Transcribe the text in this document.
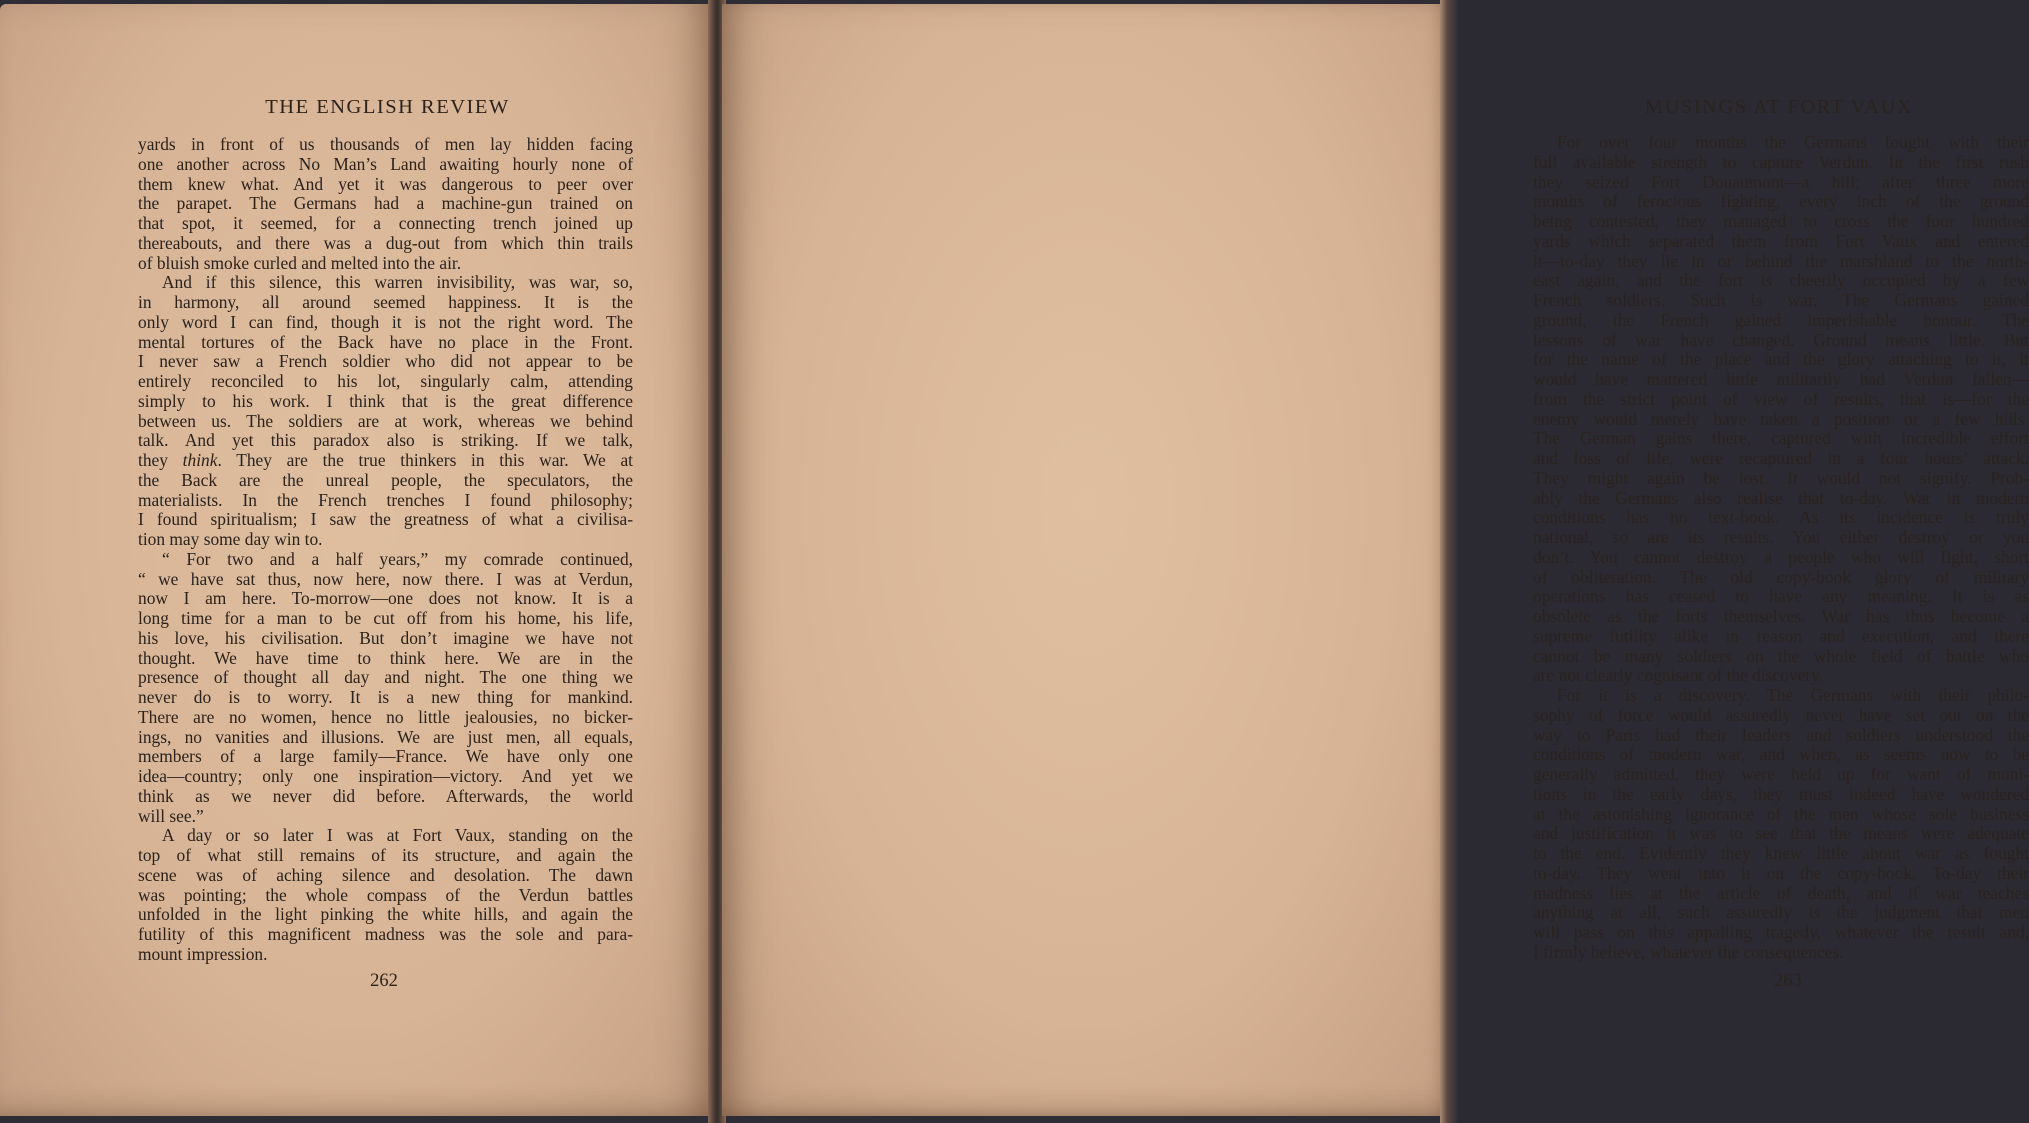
THE ENGLISH REVIEW
yards in front of us thousands of men lay hidden facing
one another across No Man’s Land awaiting hourly none of
them knew what. And yet it was dangerous to peer over
the parapet. The Germans had a machine-gun trained on
that spot, it seemed, for a connecting trench joined up
thereabouts, and there was a dug-out from which thin trails
of bluish smoke curled and melted into the air.
And if this silence, this warren invisibility, was war, so,
in harmony, all around seemed happiness. It is the
only word I can find, though it is not the right word. The
mental tortures of the Back have no place in the Front.
I never saw a French soldier who did not appear to be
entirely reconciled to his lot, singularly calm, attending
simply to his work. I think that is the great difference
between us. The soldiers are at work, whereas we behind
talk. And yet this paradox also is striking. If we talk,
they think. They are the true thinkers in this war. We at
the Back are the unreal people, the speculators, the
materialists. In the French trenches I found philosophy;
I found spiritualism; I saw the greatness of what a civilisa-
tion may some day win to.
“ For two and a half years,” my comrade continued,
“ we have sat thus, now here, now there. I was at Verdun,
now I am here. To-morrow—one does not know. It is a
long time for a man to be cut off from his home, his life,
his love, his civilisation. But don’t imagine we have not
thought. We have time to think here. We are in the
presence of thought all day and night. The one thing we
never do is to worry. It is a new thing for mankind.
There are no women, hence no little jealousies, no bicker-
ings, no vanities and illusions. We are just men, all equals,
members of a large family—France. We have only one
idea—country; only one inspiration—victory. And yet we
think as we never did before. Afterwards, the world
will see.”
A day or so later I was at Fort Vaux, standing on the
top of what still remains of its structure, and again the
scene was of aching silence and desolation. The dawn
was pointing; the whole compass of the Verdun battles
unfolded in the light pinking the white hills, and again the
futility of this magnificent madness was the sole and para-
mount impression.
262
MUSINGS AT FORT VAUX
For over four months the Germans fought with their
full available strength to capture Verdun. In the first rush
they seized Fort Douaumont—a hill; after three more
months of ferocious fighting, every inch of the ground
being contested, they managed to cross the four hundred
yards which separated them from Fort Vaux and entered
it—to-day they lie in or behind the marshland to the north-
east again, and the fort is cheerily occupied by a few
French soldiers. Such is war. The Germans gained
ground, the French gained imperishable honour. The
lessons of war have changed. Ground means little. But
for the name of the place and the glory attaching to it, it
would have mattered little militarily had Verdun fallen—
from the strict point of view of results, that is—for the
enemy would merely have taken a position or a few hills.
The German gains there, captured with incredible effort
and loss of life, were recaptured in a four hours’ attack.
They might again be lost. It would not signify. Prob-
ably the Germans also realise that to-day. War in modern
conditions has no text-book. As its incidence is truly
national, so are its results. You either destroy or you
don’t. You cannot destroy a people who will fight, short
of obliteration. The old copy-book glory of military
operations has ceased to have any meaning. It is as
obsolete as the forts themselves. War has thus become a
supreme futility alike in reason and execution, and there
cannot be many soldiers on the whole field of battle who
are not clearly cognisant of the discovery.
For it is a discovery. The Germans with their philo-
sophy of force would assuredly never have set out on the
way to Paris had their leaders and soldiers understood the
conditions of modern war, and when, as seems now to be
generally admitted, they were held up for want of muni-
tions in the early days, they must indeed have wondered
at the astonishing ignorance of the men whose sole business
and justification it was to see that the means were adequate
to the end. Evidently they knew little about war as fought
to-day. They went into it on the copy-book. To-day their
madness lies at the article of death, and if war teaches
anything at all, such assuredly is the judgment that men
will pass on this appalling tragedy, whatever the result and,
I firmly believe, whatever the consequences.
263
